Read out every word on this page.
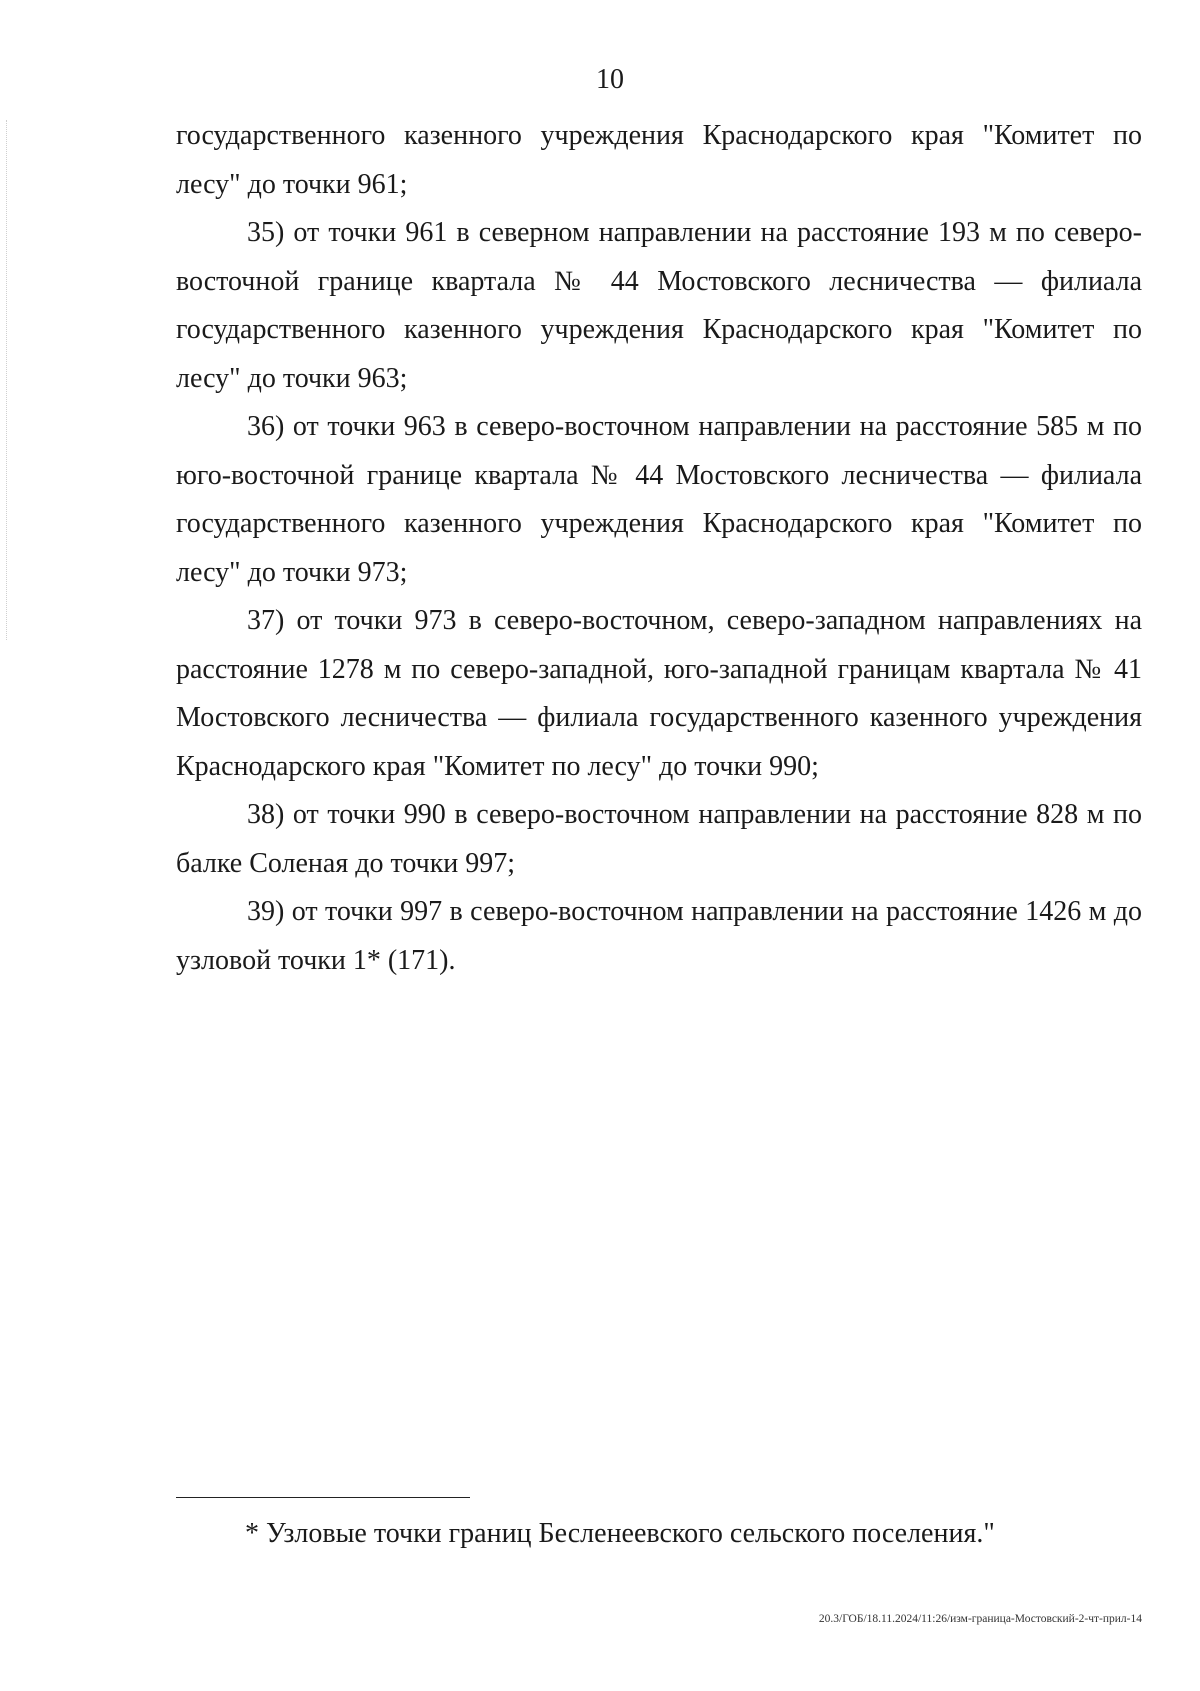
10

государственного казенного учреждения Краснодарского края "Комитет по лесу" до точки 961;

35) от точки 961 в северном направлении на расстояние 193 м по северо-восточной границе квартала № 44 Мостовского лесничества — филиала государственного казенного учреждения Краснодарского края "Комитет по лесу" до точки 963;

36) от точки 963 в северо-восточном направлении на расстояние 585 м по юго-восточной границе квартала № 44 Мостовского лесничества — филиала государственного казенного учреждения Краснодарского края "Комитет по лесу" до точки 973;

37) от точки 973 в северо-восточном, северо-западном направлениях на расстояние 1278 м по северо-западной, юго-западной границам квартала № 41 Мостовского лесничества — филиала государственного казенного учреждения Краснодарского края "Комитет по лесу" до точки 990;

38) от точки 990 в северо-восточном направлении на расстояние 828 м по балке Соленая до точки 997;

39) от точки 997 в северо-восточном направлении на расстояние 1426 м до узловой точки 1* (171).

* Узловые точки границ Бесленеевского сельского поселения."
20.3/ГОБ/18.11.2024/11:26/изм-граница-Мостовский-2-чт-прил-14
